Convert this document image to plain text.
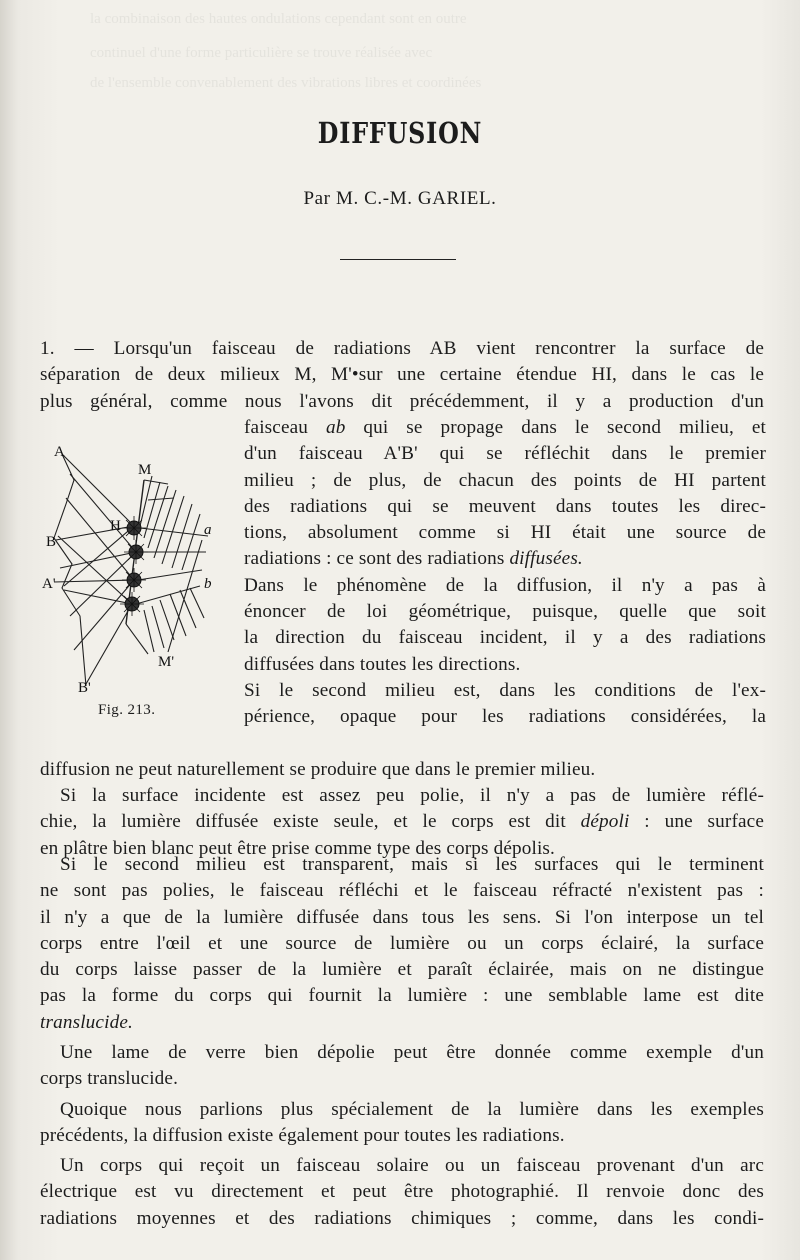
la combinaison des hautes ondulations cependant sont en outre
continuel d'une forme particulière se trouve réalisée avec
de l'ensemble convenablement des vibrations libres et coordinées
DIFFUSION
Par M. C.-M. GARIEL.
1. — Lorsqu'un faisceau de radiations AB vient rencontrer la surface de
séparation de deux milieux M, M'•sur une certaine étendue HI, dans le cas le
plus général, comme nous l'avons dit précédemment, il y a production d'un
faisceau ab qui se propage dans le second milieu, et
d'un faisceau A'B' qui se réfléchit dans le premier
milieu ; de plus, de chacun des points de HI partent
des radiations qui se meuvent dans toutes les direc-
tions, absolument comme si HI était une source de
radiations : ce sont des radiations diffusées.
Dans le phénomène de la diffusion, il n'y a pas à
énoncer de loi géométrique, puisque, quelle que soit
la direction du faisceau incident, il y a des radiations
diffusées dans toutes les directions.
Si le second milieu est, dans les conditions de l'ex-
périence, opaque pour les radiations considérées, la
A
M
H	a
B
A'	b
M'
B'
Fig. 213.
diffusion ne peut naturellement se produire que dans le premier milieu.
Si la surface incidente est assez peu polie, il n'y a pas de lumière réflé-
chie, la lumière diffusée existe seule, et le corps est dit dépoli : une surface
en plâtre bien blanc peut être prise comme type des corps dépolis.
Si le second milieu est transparent, mais si les surfaces qui le terminent
ne sont pas polies, le faisceau réfléchi et le faisceau réfracté n'existent pas :
il n'y a que de la lumière diffusée dans tous les sens. Si l'on interpose un tel
corps entre l'œil et une source de lumière ou un corps éclairé, la surface
du corps laisse passer de la lumière et paraît éclairée, mais on ne distingue
pas la forme du corps qui fournit la lumière : une semblable lame est dite
translucide.
Une lame de verre bien dépolie peut être donnée comme exemple d'un
corps translucide.
Quoique nous parlions plus spécialement de la lumière dans les exemples
précédents, la diffusion existe également pour toutes les radiations.
Un corps qui reçoit un faisceau solaire ou un faisceau provenant d'un arc
électrique est vu directement et peut être photographié. Il renvoie donc des
radiations moyennes et des radiations chimiques ; comme, dans les condi-
